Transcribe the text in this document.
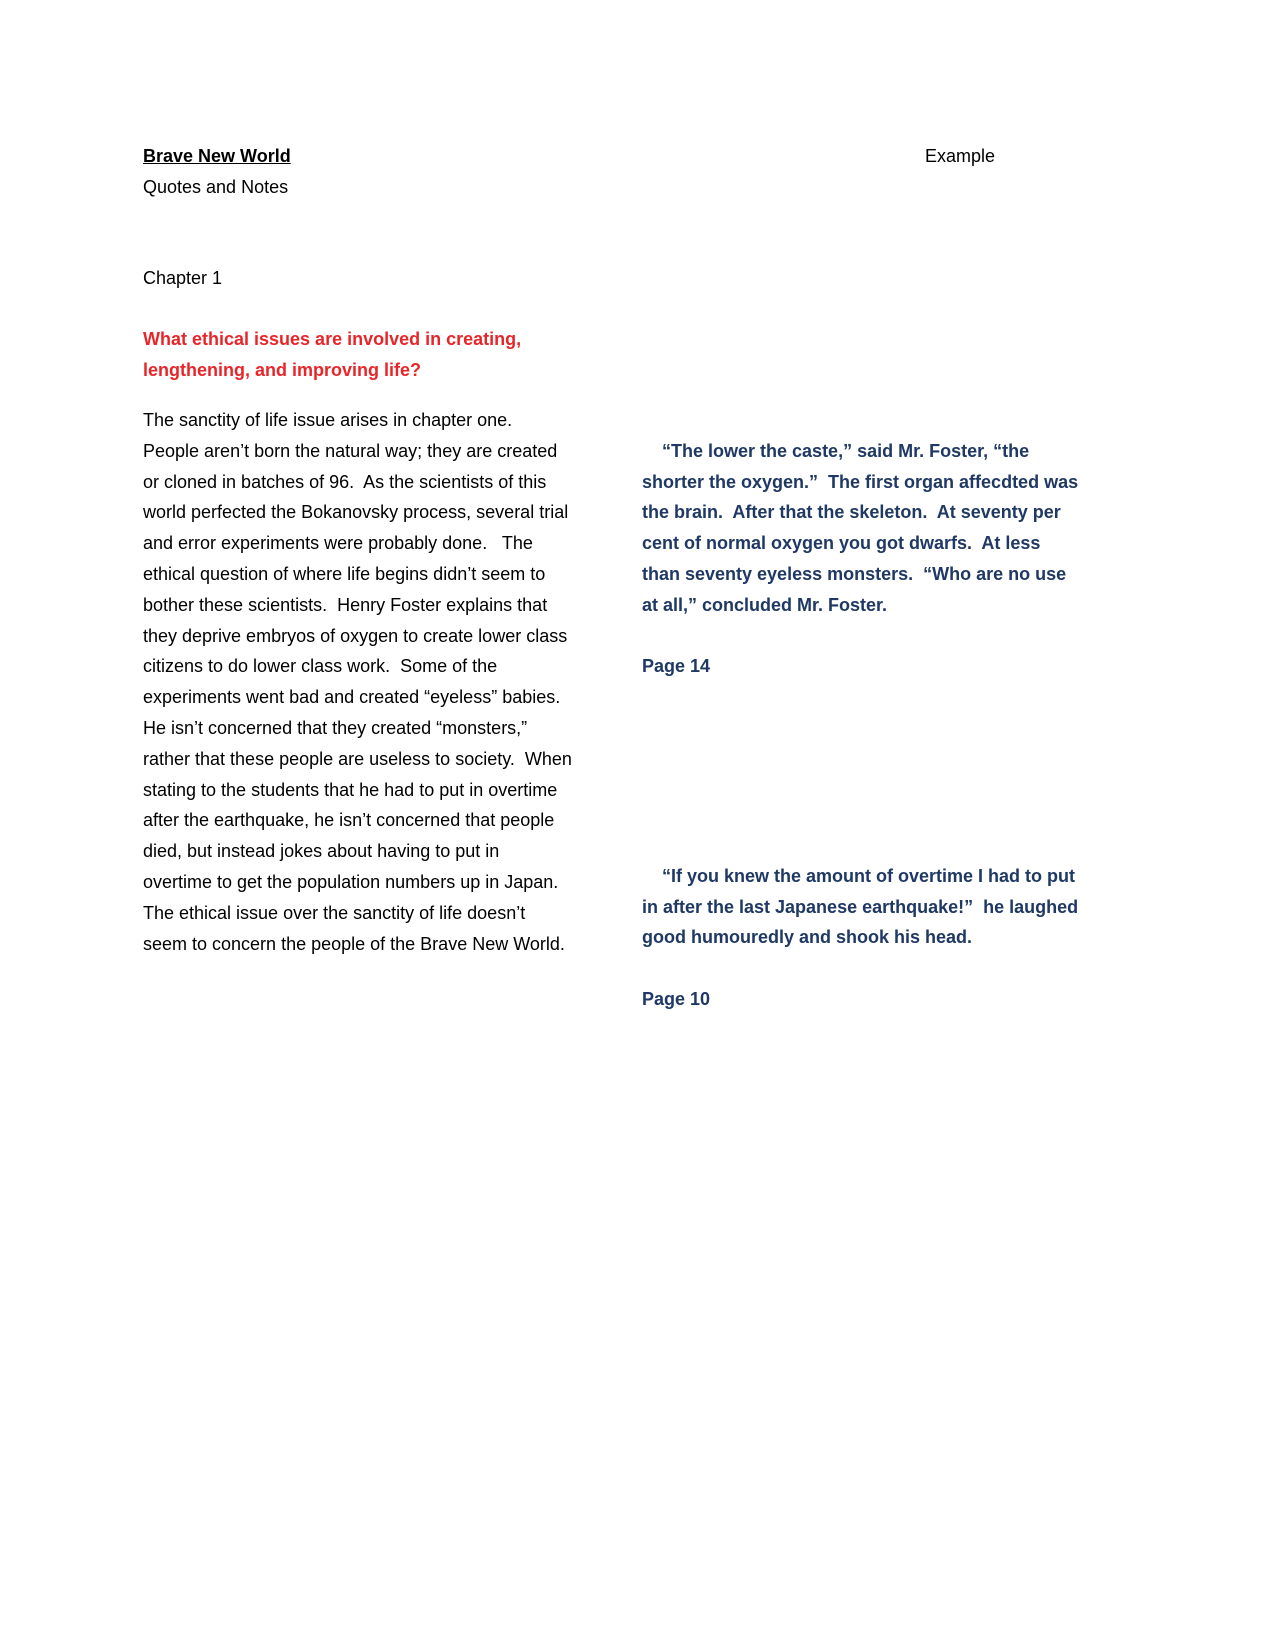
Brave New World
Quotes and Notes
Example
Chapter 1
What ethical issues are involved in creating, lengthening, and improving life?
The sanctity of life issue arises in chapter one.  People aren’t born the natural way; they are created or cloned in batches of 96.  As the scientists of this world perfected the Bokanovsky process, several trial and error experiments were probably done.   The ethical question of where life begins didn’t seem to bother these scientists.  Henry Foster explains that they deprive embryos of oxygen to create lower class citizens to do lower class work.  Some of the experiments went bad and created “eyeless” babies.  He isn’t concerned that they created “monsters,” rather that these people are useless to society.  When stating to the students that he had to put in overtime after the earthquake, he isn’t concerned that people died, but instead jokes about having to put in overtime to get the population numbers up in Japan.  The ethical issue over the sanctity of life doesn’t seem to concern the people of the Brave New World.

“The lower the caste,” said Mr. Foster, “the shorter the oxygen.”  The first organ affecdted was the brain.  After that the skeleton.  At seventy per cent of normal oxygen you got dwarfs.  At less than seventy eyeless monsters.  “Who are no use at all,” concluded Mr. Foster.

Page 14

“If you knew the amount of overtime I had to put in after the last Japanese earthquake!”  he laughed good humouredly and shook his head.

Page 10
